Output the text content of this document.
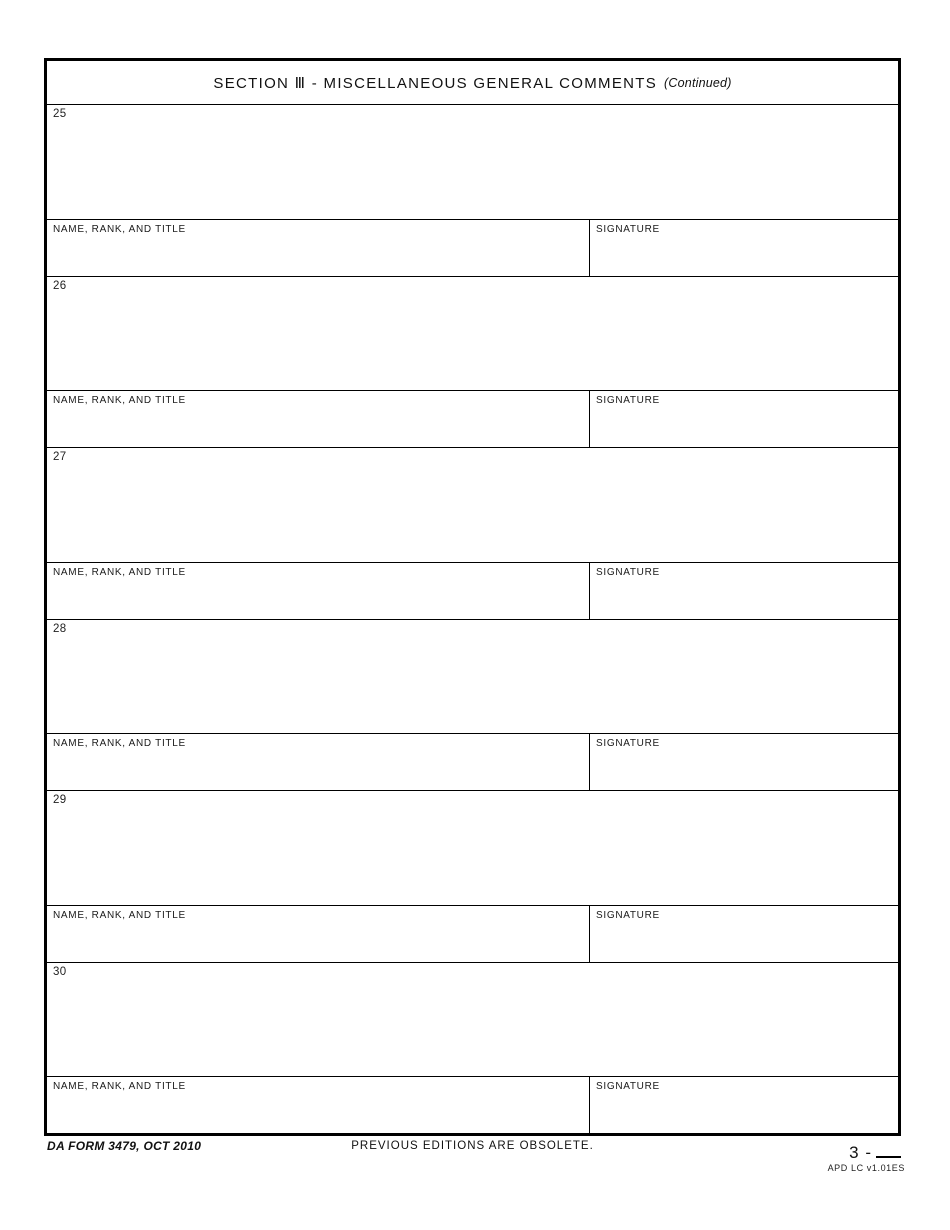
SECTION Ⅲ - MISCELLANEOUS GENERAL COMMENTS (Continued)
25
NAME, RANK, AND TITLE	SIGNATURE
26
NAME, RANK, AND TITLE	SIGNATURE
27
NAME, RANK, AND TITLE	SIGNATURE
28
NAME, RANK, AND TITLE	SIGNATURE
29
NAME, RANK, AND TITLE	SIGNATURE
30
NAME, RANK, AND TITLE	SIGNATURE
DA FORM 3479, OCT 2010	PREVIOUS EDITIONS ARE OBSOLETE.	3 -
APD LC v1.01ES
